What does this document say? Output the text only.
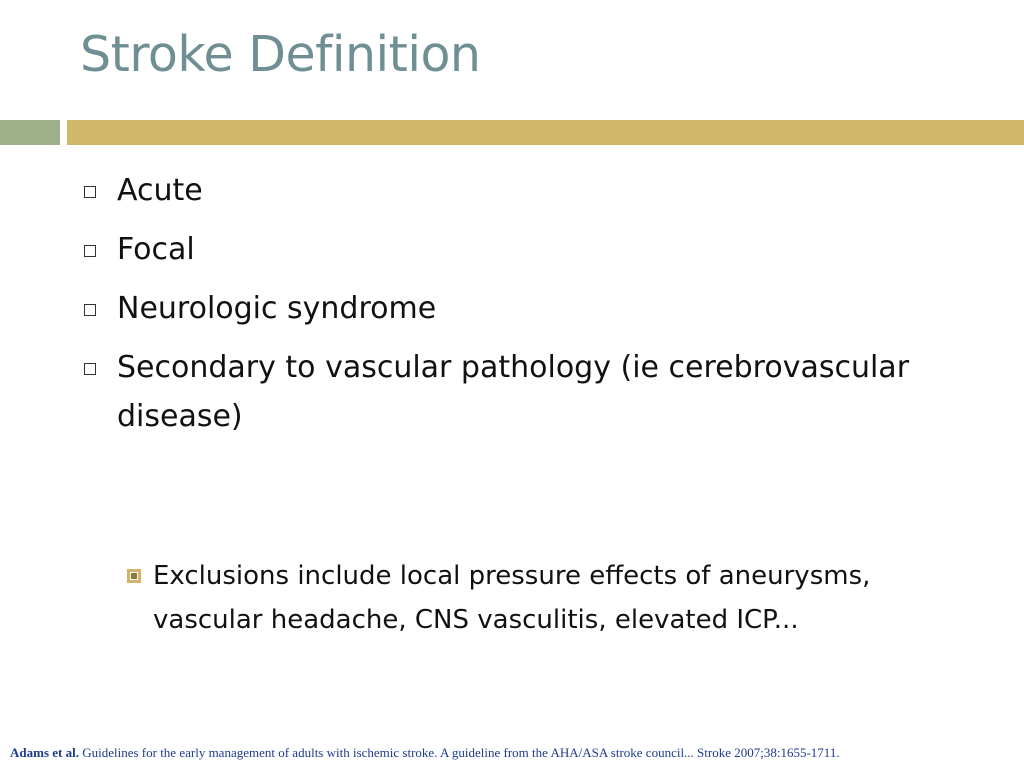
Stroke Definition
Acute
Focal
Neurologic syndrome
Secondary to vascular pathology (ie cerebrovascular disease)
Exclusions include local pressure effects of aneurysms, vascular headache, CNS vasculitis, elevated ICP...
Adams et al. Guidelines for the early management of adults with ischemic stroke. A guideline from the AHA/ASA stroke council... Stroke 2007;38:1655-1711.
